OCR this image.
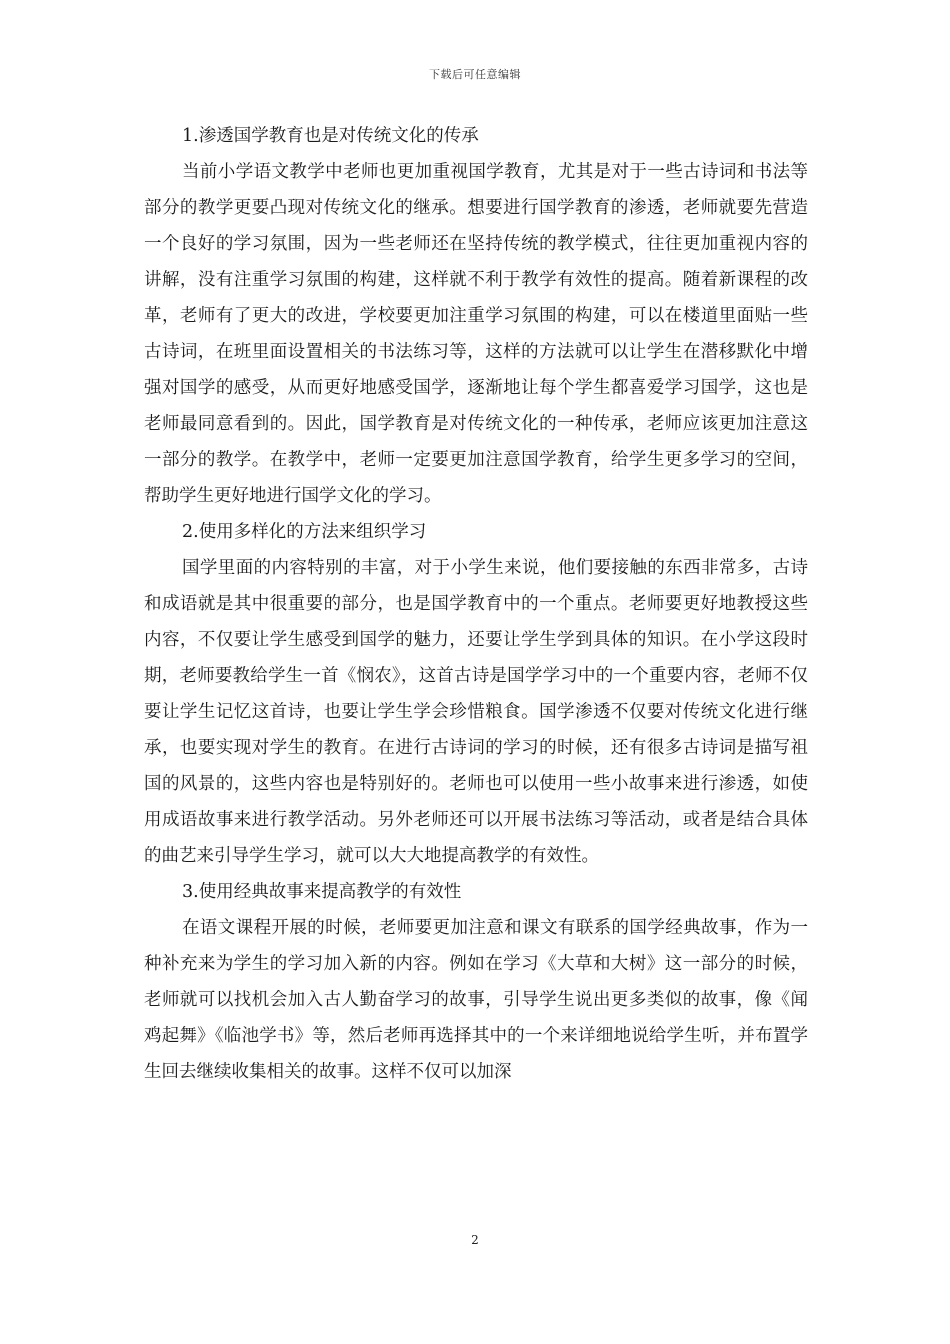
下载后可任意编辑

1.渗透国学教育也是对传统文化的传承

当前小学语文教学中老师也更加重视国学教育，尤其是对于一些古诗词和书法等部分的教学更要凸现对传统文化的继承。想要进行国学教育的渗透，老师就要先营造一个良好的学习氛围，因为一些老师还在坚持传统的教学模式，往往更加重视内容的讲解，没有注重学习氛围的构建，这样就不利于教学有效性的提高。随着新课程的改革，老师有了更大的改进，学校要更加注重学习氛围的构建，可以在楼道里面贴一些古诗词，在班里面设置相关的书法练习等，这样的方法就可以让学生在潜移默化中增强对国学的感受，从而更好地感受国学，逐渐地让每个学生都喜爱学习国学，这也是老师最同意看到的。因此，国学教育是对传统文化的一种传承，老师应该更加注意这一部分的教学。在教学中，老师一定要更加注意国学教育，给学生更多学习的空间，帮助学生更好地进行国学文化的学习。

2.使用多样化的方法来组织学习

国学里面的内容特别的丰富，对于小学生来说，他们要接触的东西非常多，古诗和成语就是其中很重要的部分，也是国学教育中的一个重点。老师要更好地教授这些内容，不仅要让学生感受到国学的魅力，还要让学生学到具体的知识。在小学这段时期，老师要教给学生一首《悯农》，这首古诗是国学学习中的一个重要内容，老师不仅要让学生记忆这首诗，也要让学生学会珍惜粮食。国学渗透不仅要对传统文化进行继承，也要实现对学生的教育。在进行古诗词的学习的时候，还有很多古诗词是描写祖国的风景的，这些内容也是特别好的。老师也可以使用一些小故事来进行渗透，如使用成语故事来进行教学活动。另外老师还可以开展书法练习等活动，或者是结合具体的曲艺来引导学生学习，就可以大大地提高教学的有效性。

3.使用经典故事来提高教学的有效性

在语文课程开展的时候，老师要更加注意和课文有联系的国学经典故事，作为一种补充来为学生的学习加入新的内容。例如在学习《大草和大树》这一部分的时候，老师就可以找机会加入古人勤奋学习的故事，引导学生说出更多类似的故事，像《闻鸡起舞》《临池学书》等，然后老师再选择其中的一个来详细地说给学生听，并布置学生回去继续收集相关的故事。这样不仅可以加深

2
